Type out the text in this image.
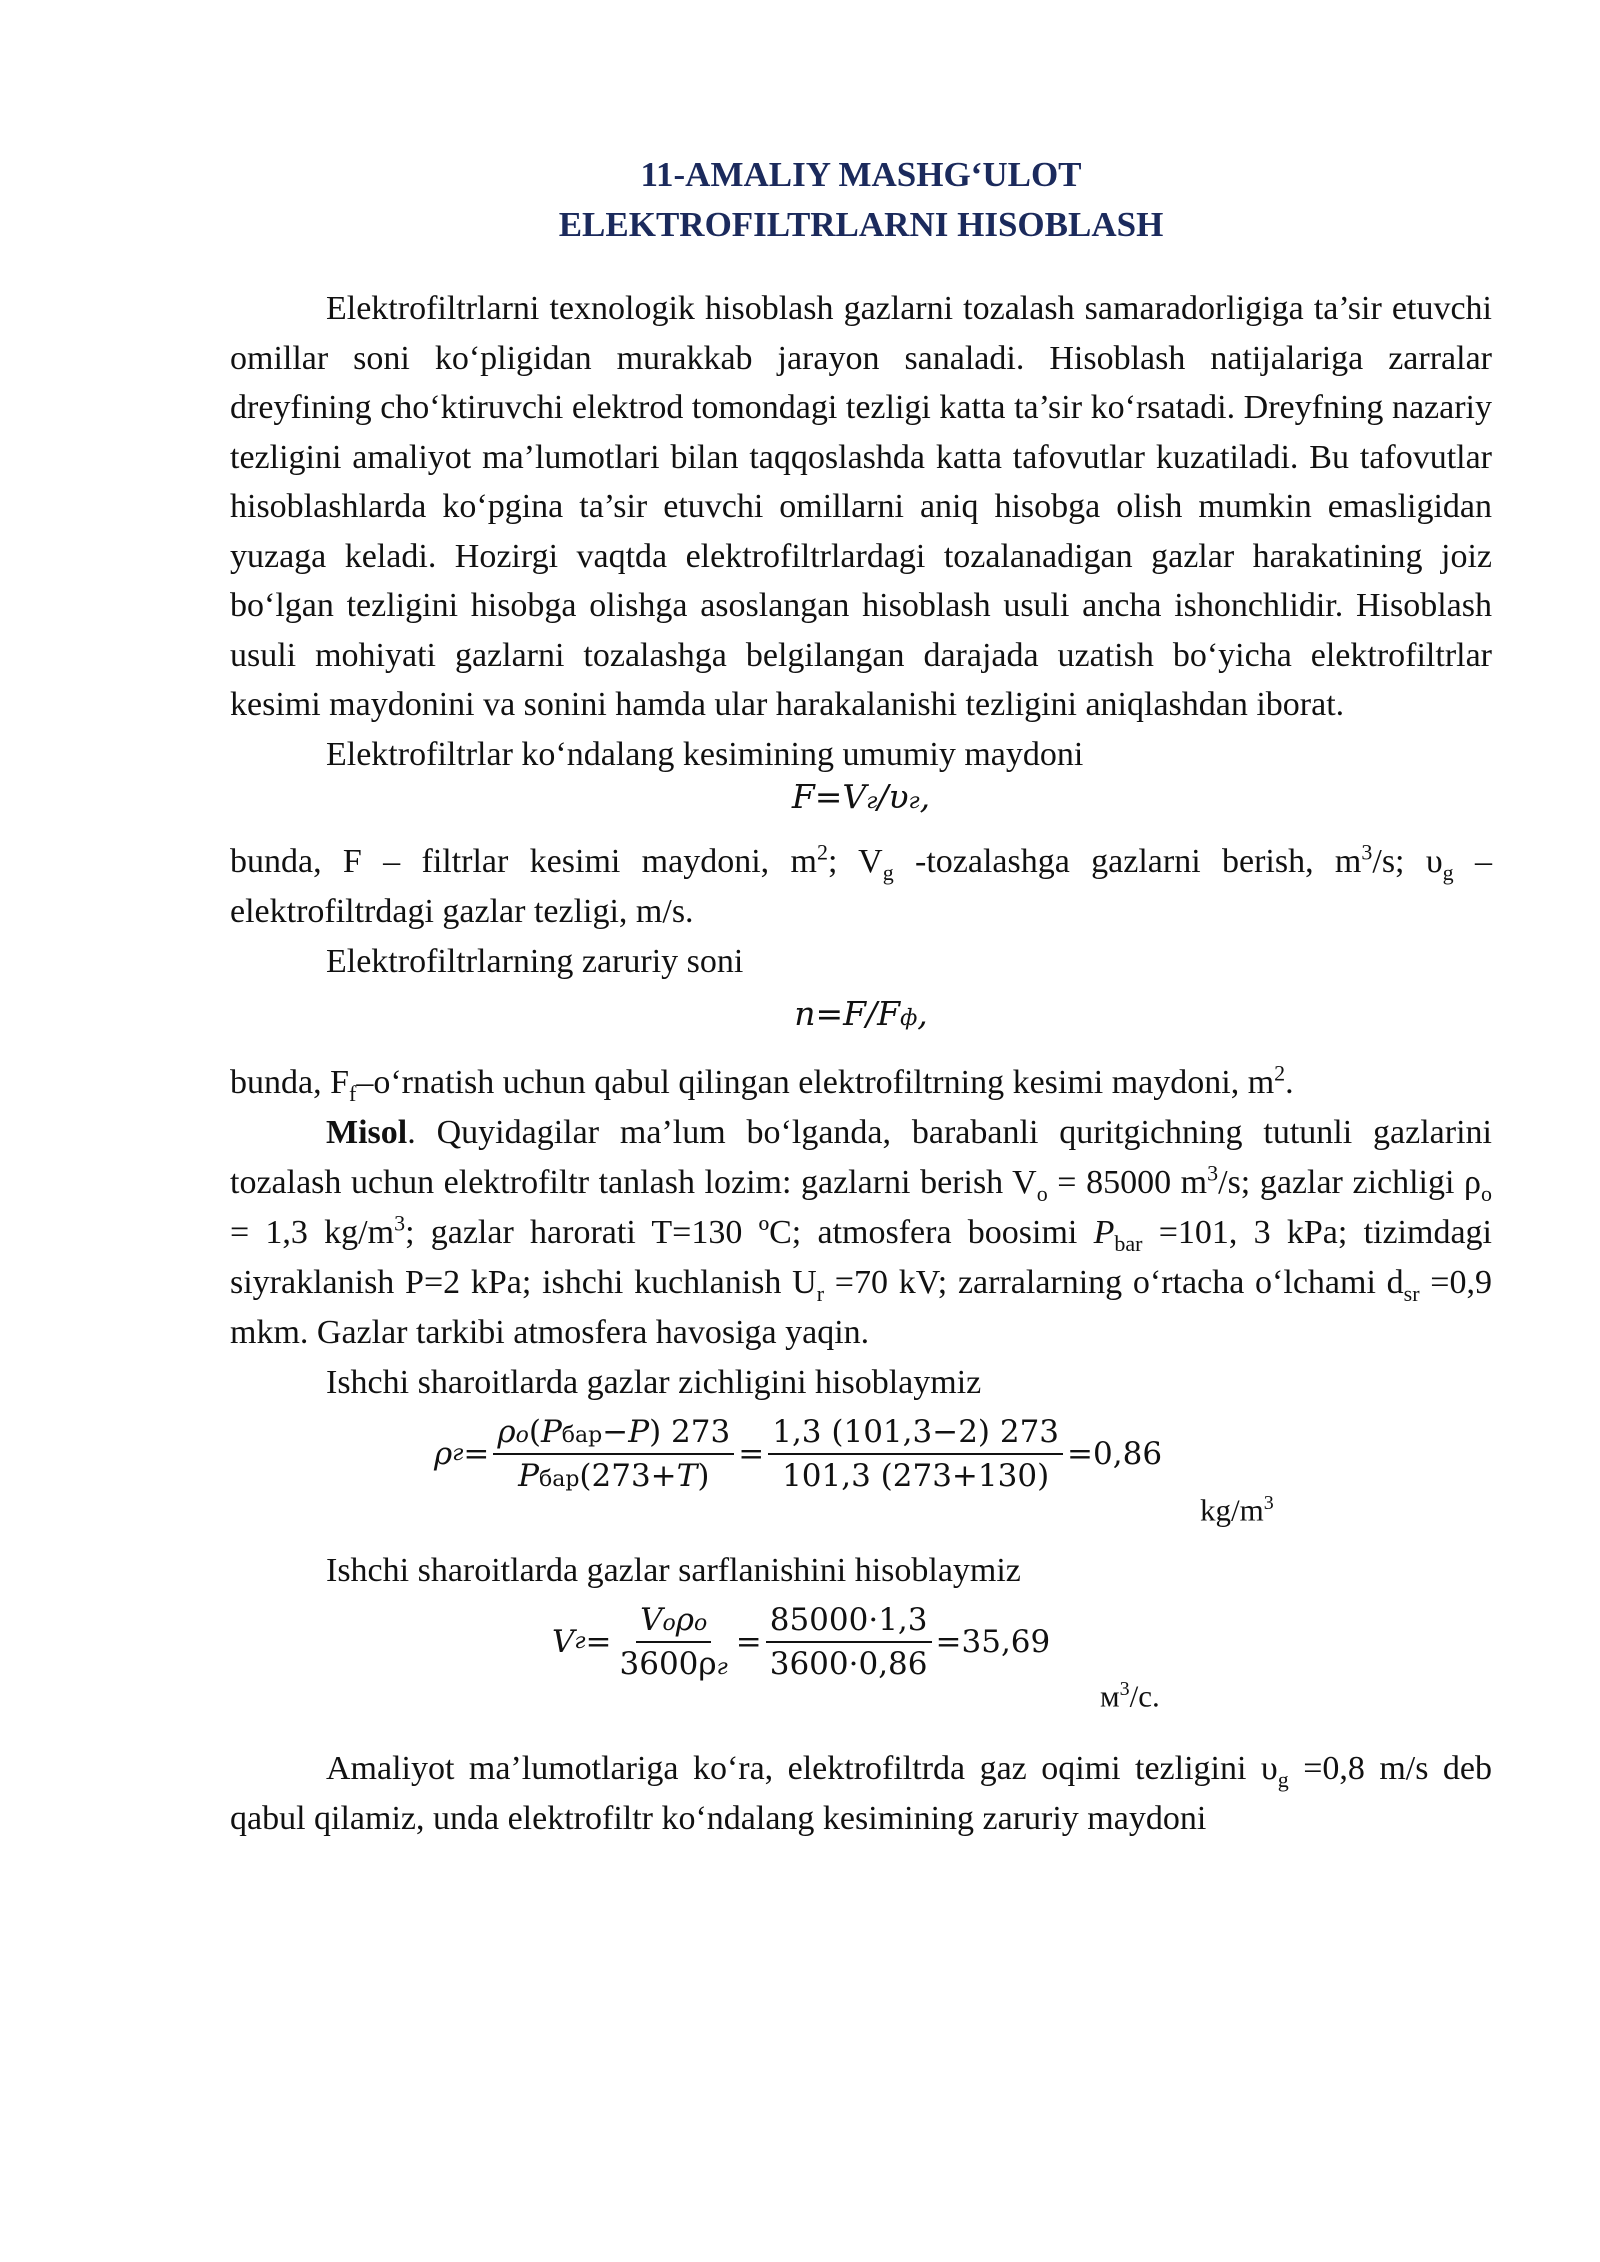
11-AMALIY MASHG‘ULOT
ELEKTROFILTRLARNI HISOBLASH

Elektrofiltrlarni texnologik hisoblash gazlarni tozalash samaradorligiga ta’sir etuvchi omillar soni ko‘pligidan murakkab jarayon sanaladi. Hisoblash natijalariga zarralar dreyfining cho‘ktiruvchi elektrod tomondagi tezligi katta ta’sir ko‘rsatadi. Dreyfning nazariy tezligini amaliyot ma’lumotlari bilan taqqoslashda katta tafovutlar kuzatiladi. Bu tafovutlar hisoblashlarda ko‘pgina ta’sir etuvchi omillarni aniq hisobga olish mumkin emasligidan yuzaga keladi. Hozirgi vaqtda elektrofiltrlardagi tozalanadigan gazlar harakatining joiz bo‘lgan tezligini hisobga olishga asoslangan hisoblash usuli ancha ishonchlidir. Hisoblash usuli mohiyati gazlarni tozalashga belgilangan darajada uzatish bo‘yicha elektrofiltrlar kesimi maydonini va sonini hamda ular harakalanishi tezligini aniqlashdan iborat.

Elektrofiltrlar ko‘ndalang kesimining umumiy maydoni

F=Vг/υг,

bunda, F – filtrlar kesimi maydoni, $m^2$; $V_g$ -tozalashga gazlarni berish, $m^3/s$; $\upsilon_g$ – elektrofiltrdagi gazlar tezligi, m/s.

Elektrofiltrlarning zaruriy soni

n=F/Fф,

bunda, $F_f-o‘rnatish$ uchun qabul qilingan elektrofiltrning kesimi maydoni, $m^2$.

Misol. Quyidagilar ma’lum bo‘lganda, barabanli quritgichning tutunli gazlarini tozalash uchun elektrofiltr tanlash lozim: gazlarni berish $V_o = 85000$ $m^3/s$; gazlar zichligi $\rho_o = 1,3$ $kg/m^3$; gazlar harorati T=130 ºC; atmosfera boosimi $P_{bar} =101$, 3 kPa; tizimdagi siyraklanish P=2 kPa; ishchi kuchlanish $U_r =70$ kV; zarralarning o‘rtacha o‘lchami $d_{sr} =0,9$ mkm. Gazlar tarkibi atmosfera havosiga yaqin.

Ishchi sharoitlarda gazlar zichligini hisoblaymiz

ρ $г = \frac{\text{ρo(Pбар−P) 273}}{\text{Pбар(273+T)}} = \frac{1,3 (101,3-2) 273}{101,3 (273+130)} = 0,86$
$kg/m^3$

Ishchi sharoitlarda gazlar sarflanishini hisoblaymiz

V $г = \frac{\text{Voρo}}{3600\rho г} = \frac{85000\cdot 1,3}{3600\cdot 0,86} = 35,69$
$м^3/с$.

Amaliyot ma’lumotlariga ko‘ra, elektrofiltrda gaz oqimi tezligini $\upsilon_g =0,8$ m/s deb qabul qilamiz, unda elektrofiltr ko‘ndalang kesimining zaruriy maydoni
